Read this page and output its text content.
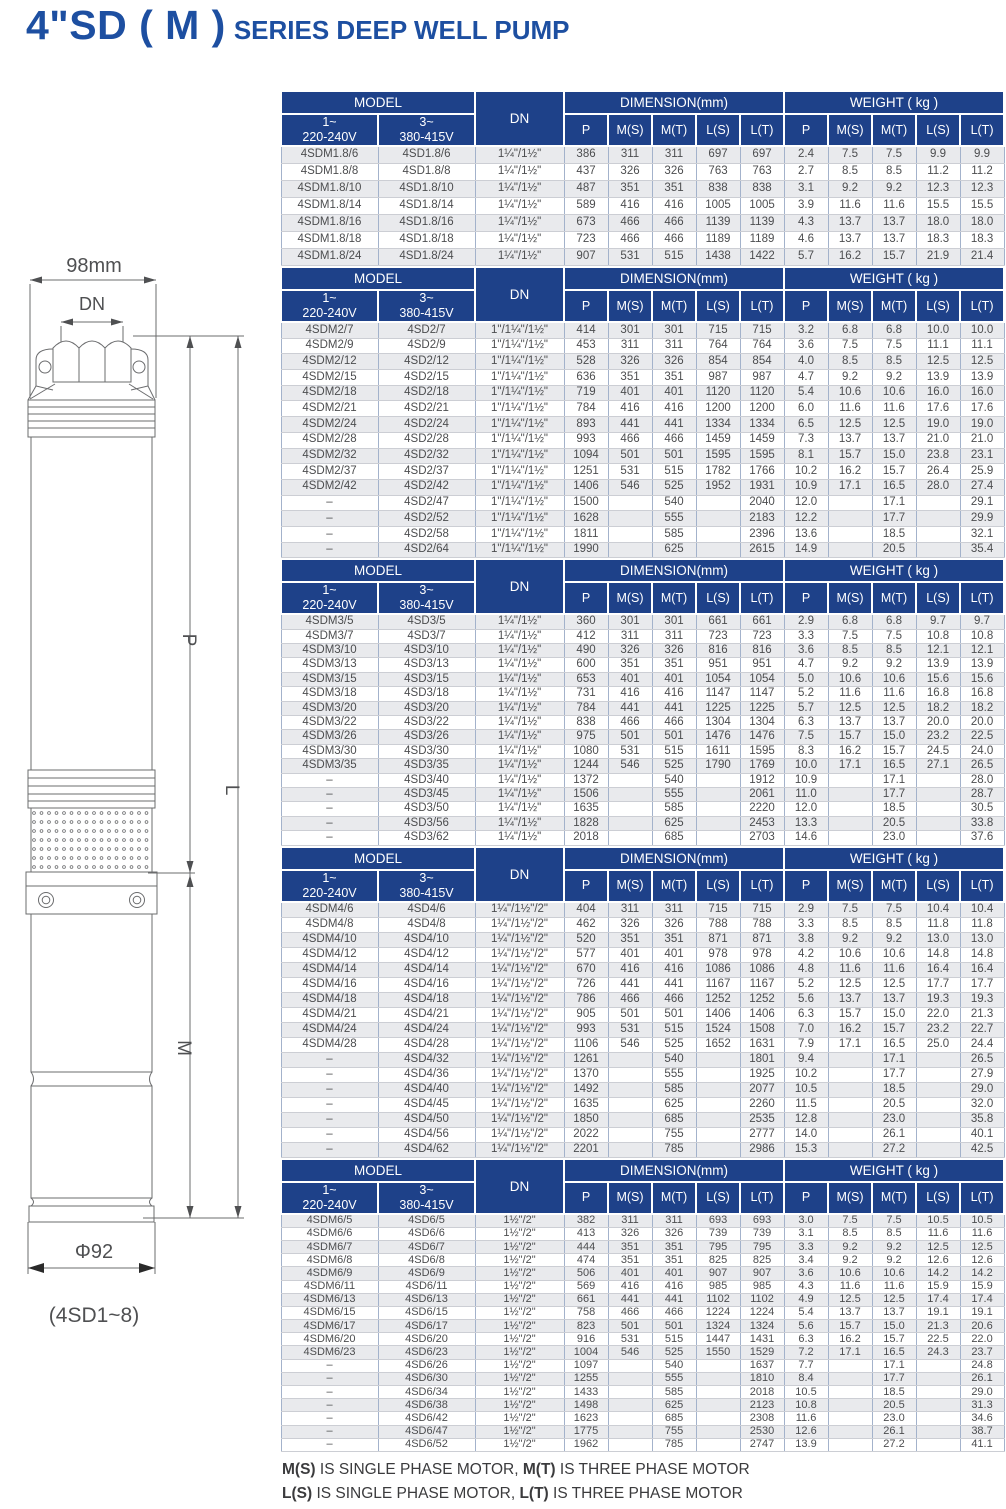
4"SD ( M ) SERIES DEEP WELL PUMP
98mm
DN
P
M
L
Φ92
(4SD1~8)
MODEL		DN	DIMENSION(mm)					WEIGHT ( kg )				

1~
220-240V

3~
380-415V
	P	M(S)	M(T)	L(S)	L(T)	P	M(S)	M(T)	L(S)	L(T)
4SDM1.8/6	4SD1.8/6	1¼"/1½"	386	311	311	697	697	2.4	7.5	7.5	9.9	9.9
4SDM1.8/8	4SD1.8/8	1¼"/1½"	437	326	326	763	763	2.7	8.5	8.5	11.2	11.2
4SDM1.8/10	4SD1.8/10	1¼"/1½"	487	351	351	838	838	3.1	9.2	9.2	12.3	12.3
4SDM1.8/14	4SD1.8/14	1¼"/1½"	589	416	416	1005	1005	3.9	11.6	11.6	15.5	15.5
4SDM1.8/16	4SD1.8/16	1¼"/1½"	673	466	466	1139	1139	4.3	13.7	13.7	18.0	18.0
4SDM1.8/18	4SD1.8/18	1¼"/1½"	723	466	466	1189	1189	4.6	13.7	13.7	18.3	18.3
4SDM1.8/24	4SD1.8/24	1¼"/1½"	907	531	515	1438	1422	5.7	16.2	15.7	21.9	21.4
MODEL		DN	DIMENSION(mm)					WEIGHT ( kg )				

1~
220-240V

3~
380-415V
	P	M(S)	M(T)	L(S)	L(T)	P	M(S)	M(T)	L(S)	L(T)
4SDM2/7	4SD2/7	1"/1¼"/1½"	414	301	301	715	715	3.2	6.8	6.8	10.0	10.0
4SDM2/9	4SD2/9	1"/1¼"/1½"	453	311	311	764	764	3.6	7.5	7.5	11.1	11.1
4SDM2/12	4SD2/12	1"/1¼"/1½"	528	326	326	854	854	4.0	8.5	8.5	12.5	12.5
4SDM2/15	4SD2/15	1"/1¼"/1½"	636	351	351	987	987	4.7	9.2	9.2	13.9	13.9
4SDM2/18	4SD2/18	1"/1¼"/1½"	719	401	401	1120	1120	5.4	10.6	10.6	16.0	16.0
4SDM2/21	4SD2/21	1"/1¼"/1½"	784	416	416	1200	1200	6.0	11.6	11.6	17.6	17.6
4SDM2/24	4SD2/24	1"/1¼"/1½"	893	441	441	1334	1334	6.5	12.5	12.5	19.0	19.0
4SDM2/28	4SD2/28	1"/1¼"/1½"	993	466	466	1459	1459	7.3	13.7	13.7	21.0	21.0
4SDM2/32	4SD2/32	1"/1¼"/1½"	1094	501	501	1595	1595	8.1	15.7	15.0	23.8	23.1
4SDM2/37	4SD2/37	1"/1¼"/1½"	1251	531	515	1782	1766	10.2	16.2	15.7	26.4	25.9
4SDM2/42	4SD2/42	1"/1¼"/1½"	1406	546	525	1952	1931	10.9	17.1	16.5	28.0	27.4
–	4SD2/47	1"/1¼"/1½"	1500		540		2040	12.0		17.1		29.1
–	4SD2/52	1"/1¼"/1½"	1628		555		2183	12.2		17.7		29.9
–	4SD2/58	1"/1¼"/1½"	1811		585		2396	13.6		18.5		32.1
–	4SD2/64	1"/1¼"/1½"	1990		625		2615	14.9		20.5		35.4
MODEL		DN	DIMENSION(mm)					WEIGHT ( kg )				

1~
220-240V

3~
380-415V
	P	M(S)	M(T)	L(S)	L(T)	P	M(S)	M(T)	L(S)	L(T)
4SDM3/5	4SD3/5	1¼"/1½"	360	301	301	661	661	2.9	6.8	6.8	9.7	9.7
4SDM3/7	4SD3/7	1¼"/1½"	412	311	311	723	723	3.3	7.5	7.5	10.8	10.8
4SDM3/10	4SD3/10	1¼"/1½"	490	326	326	816	816	3.6	8.5	8.5	12.1	12.1
4SDM3/13	4SD3/13	1¼"/1½"	600	351	351	951	951	4.7	9.2	9.2	13.9	13.9
4SDM3/15	4SD3/15	1¼"/1½"	653	401	401	1054	1054	5.0	10.6	10.6	15.6	15.6
4SDM3/18	4SD3/18	1¼"/1½"	731	416	416	1147	1147	5.2	11.6	11.6	16.8	16.8
4SDM3/20	4SD3/20	1¼"/1½"	784	441	441	1225	1225	5.7	12.5	12.5	18.2	18.2
4SDM3/22	4SD3/22	1¼"/1½"	838	466	466	1304	1304	6.3	13.7	13.7	20.0	20.0
4SDM3/26	4SD3/26	1¼"/1½"	975	501	501	1476	1476	7.5	15.7	15.0	23.2	22.5
4SDM3/30	4SD3/30	1¼"/1½"	1080	531	515	1611	1595	8.3	16.2	15.7	24.5	24.0
4SDM3/35	4SD3/35	1¼"/1½"	1244	546	525	1790	1769	10.0	17.1	16.5	27.1	26.5
–	4SD3/40	1¼"/1½"	1372		540		1912	10.9		17.1		28.0
–	4SD3/45	1¼"/1½"	1506		555		2061	11.0		17.7		28.7
–	4SD3/50	1¼"/1½"	1635		585		2220	12.0		18.5		30.5
–	4SD3/56	1¼"/1½"	1828		625		2453	13.3		20.5		33.8
–	4SD3/62	1¼"/1½"	2018		685		2703	14.6		23.0		37.6
MODEL		DN	DIMENSION(mm)					WEIGHT ( kg )				

1~
220-240V

3~
380-415V
	P	M(S)	M(T)	L(S)	L(T)	P	M(S)	M(T)	L(S)	L(T)
4SDM4/6	4SD4/6	1¼"/1½"/2"	404	311	311	715	715	2.9	7.5	7.5	10.4	10.4
4SDM4/8	4SD4/8	1¼"/1½"/2"	462	326	326	788	788	3.3	8.5	8.5	11.8	11.8
4SDM4/10	4SD4/10	1¼"/1½"/2"	520	351	351	871	871	3.8	9.2	9.2	13.0	13.0
4SDM4/12	4SD4/12	1¼"/1½"/2"	577	401	401	978	978	4.2	10.6	10.6	14.8	14.8
4SDM4/14	4SD4/14	1¼"/1½"/2"	670	416	416	1086	1086	4.8	11.6	11.6	16.4	16.4
4SDM4/16	4SD4/16	1¼"/1½"/2"	726	441	441	1167	1167	5.2	12.5	12.5	17.7	17.7
4SDM4/18	4SD4/18	1¼"/1½"/2"	786	466	466	1252	1252	5.6	13.7	13.7	19.3	19.3
4SDM4/21	4SD4/21	1¼"/1½"/2"	905	501	501	1406	1406	6.3	15.7	15.0	22.0	21.3
4SDM4/24	4SD4/24	1¼"/1½"/2"	993	531	515	1524	1508	7.0	16.2	15.7	23.2	22.7
4SDM4/28	4SD4/28	1¼"/1½"/2"	1106	546	525	1652	1631	7.9	17.1	16.5	25.0	24.4
–	4SD4/32	1¼"/1½"/2"	1261		540		1801	9.4		17.1		26.5
–	4SD4/36	1¼"/1½"/2"	1370		555		1925	10.2		17.7		27.9
–	4SD4/40	1¼"/1½"/2"	1492		585		2077	10.5		18.5		29.0
–	4SD4/45	1¼"/1½"/2"	1635		625		2260	11.5		20.5		32.0
–	4SD4/50	1¼"/1½"/2"	1850		685		2535	12.8		23.0		35.8
–	4SD4/56	1¼"/1½"/2"	2022		755		2777	14.0		26.1		40.1
–	4SD4/62	1¼"/1½"/2"	2201		785		2986	15.3		27.2		42.5
MODEL		DN	DIMENSION(mm)					WEIGHT ( kg )				

1~
220-240V

3~
380-415V
	P	M(S)	M(T)	L(S)	L(T)	P	M(S)	M(T)	L(S)	L(T)
4SDM6/5	4SD6/5	1½"/2"	382	311	311	693	693	3.0	7.5	7.5	10.5	10.5
4SDM6/6	4SD6/6	1½"/2"	413	326	326	739	739	3.1	8.5	8.5	11.6	11.6
4SDM6/7	4SD6/7	1½"/2"	444	351	351	795	795	3.3	9.2	9.2	12.5	12.5
4SDM6/8	4SD6/8	1½"/2"	474	351	351	825	825	3.4	9.2	9.2	12.6	12.6
4SDM6/9	4SD6/9	1½"/2"	506	401	401	907	907	3.6	10.6	10.6	14.2	14.2
4SDM6/11	4SD6/11	1½"/2"	569	416	416	985	985	4.3	11.6	11.6	15.9	15.9
4SDM6/13	4SD6/13	1½"/2"	661	441	441	1102	1102	4.9	12.5	12.5	17.4	17.4
4SDM6/15	4SD6/15	1½"/2"	758	466	466	1224	1224	5.4	13.7	13.7	19.1	19.1
4SDM6/17	4SD6/17	1½"/2"	823	501	501	1324	1324	5.6	15.7	15.0	21.3	20.6
4SDM6/20	4SD6/20	1½"/2"	916	531	515	1447	1431	6.3	16.2	15.7	22.5	22.0
4SDM6/23	4SD6/23	1½"/2"	1004	546	525	1550	1529	7.2	17.1	16.5	24.3	23.7
–	4SD6/26	1½"/2"	1097		540		1637	7.7		17.1		24.8
–	4SD6/30	1½"/2"	1255		555		1810	8.4		17.7		26.1
–	4SD6/34	1½"/2"	1433		585		2018	10.5		18.5		29.0
–	4SD6/38	1½"/2"	1498		625		2123	10.8		20.5		31.3
–	4SD6/42	1½"/2"	1623		685		2308	11.6		23.0		34.6
–	4SD6/47	1½"/2"	1775		755		2530	12.6		26.1		38.7
–	4SD6/52	1½"/2"	1962		785		2747	13.9		27.2		41.1

M(S) IS SINGLE PHASE MOTOR, M(T) IS THREE PHASE MOTOR

L(S) IS SINGLE PHASE MOTOR, L(T) IS THREE PHASE MOTOR
